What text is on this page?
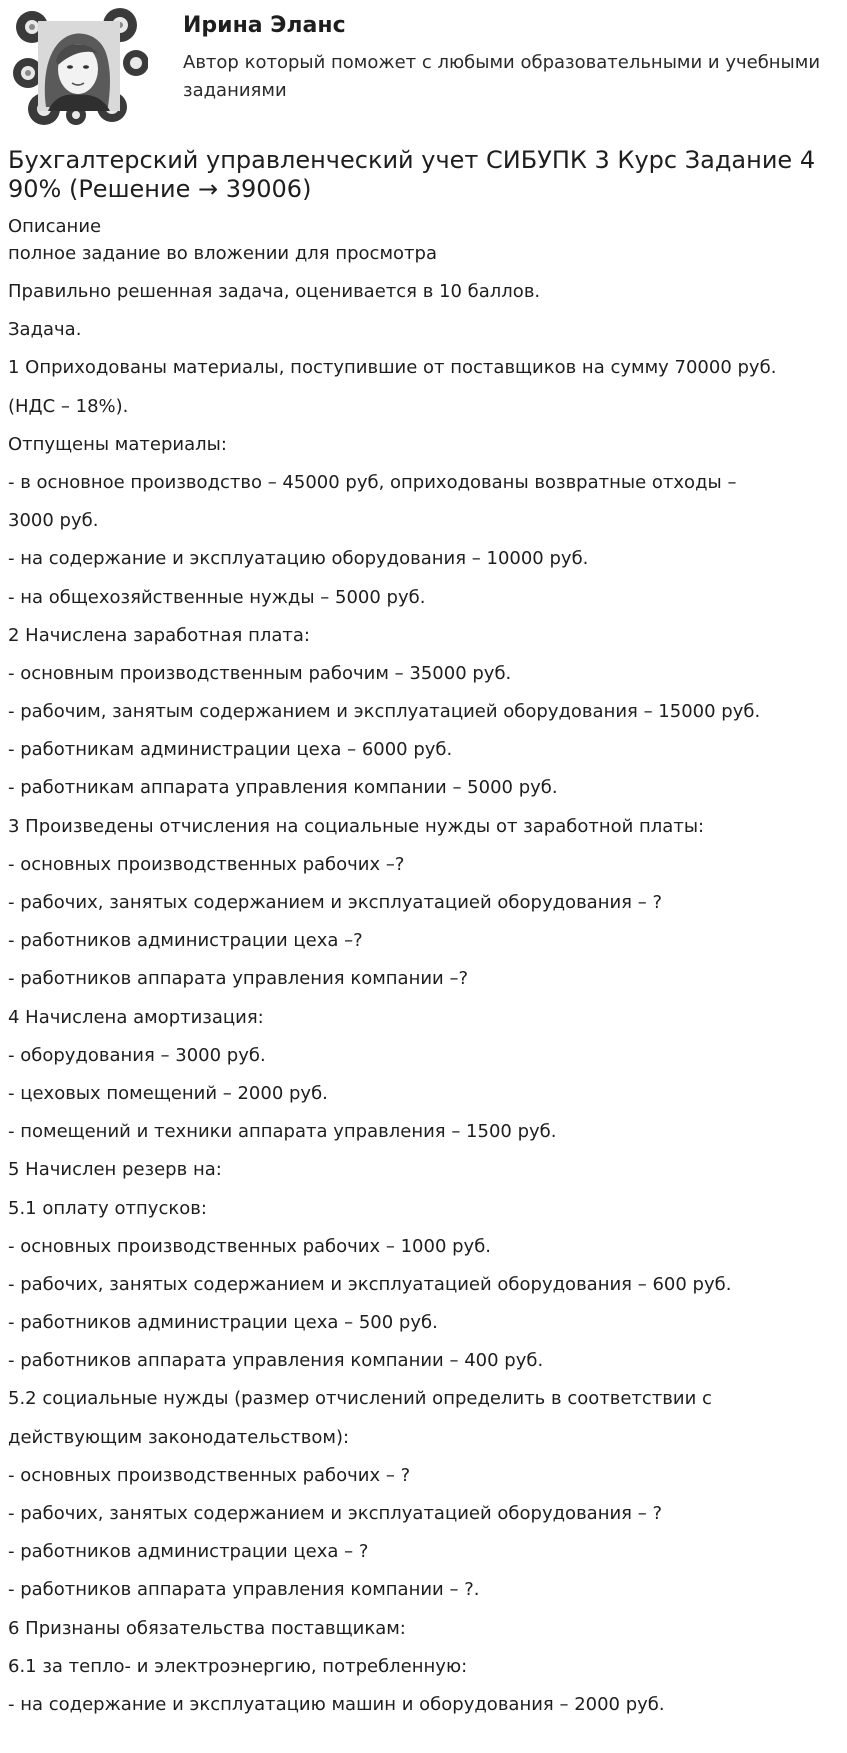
Ирина Эланс
Автор который поможет с любыми образовательными и учебными заданиями
Бухгалтерский управленческий учет СИБУПК 3 Курс Задание 4 90% (Решение → 39006)
Описание
полное задание во вложении для просмотра
Правильно решенная задача, оценивается в 10 баллов.
Задача.
1 Оприходованы материалы, поступившие от поставщиков на сумму 70000 руб.
(НДС – 18%).
Отпущены материалы:
- в основное производство – 45000 руб, оприходованы возвратные отходы –
3000 руб.
- на содержание и эксплуатацию оборудования – 10000 руб.
- на общехозяйственные нужды – 5000 руб.
2 Начислена заработная плата:
- основным производственным рабочим – 35000 руб.
- рабочим, занятым содержанием и эксплуатацией оборудования – 15000 руб.
- работникам администрации цеха – 6000 руб.
- работникам аппарата управления компании – 5000 руб.
3 Произведены отчисления на социальные нужды от заработной платы:
- основных производственных рабочих –?
- рабочих, занятых содержанием и эксплуатацией оборудования – ?
- работников администрации цеха –?
- работников аппарата управления компании –?
4 Начислена амортизация:
- оборудования – 3000 руб.
- цеховых помещений – 2000 руб.
- помещений и техники аппарата управления – 1500 руб.
5 Начислен резерв на:
5.1 оплату отпусков:
- основных производственных рабочих – 1000 руб.
- рабочих, занятых содержанием и эксплуатацией оборудования – 600 руб.
- работников администрации цеха – 500 руб.
- работников аппарата управления компании – 400 руб.
5.2 социальные нужды (размер отчислений определить в соответствии с
действующим законодательством):
- основных производственных рабочих – ?
- рабочих, занятых содержанием и эксплуатацией оборудования – ?
- работников администрации цеха – ?
- работников аппарата управления компании – ?.
6 Признаны обязательства поставщикам:
6.1 за тепло- и электроэнергию, потребленную:
- на содержание и эксплуатацию машин и оборудования – 2000 руб.
